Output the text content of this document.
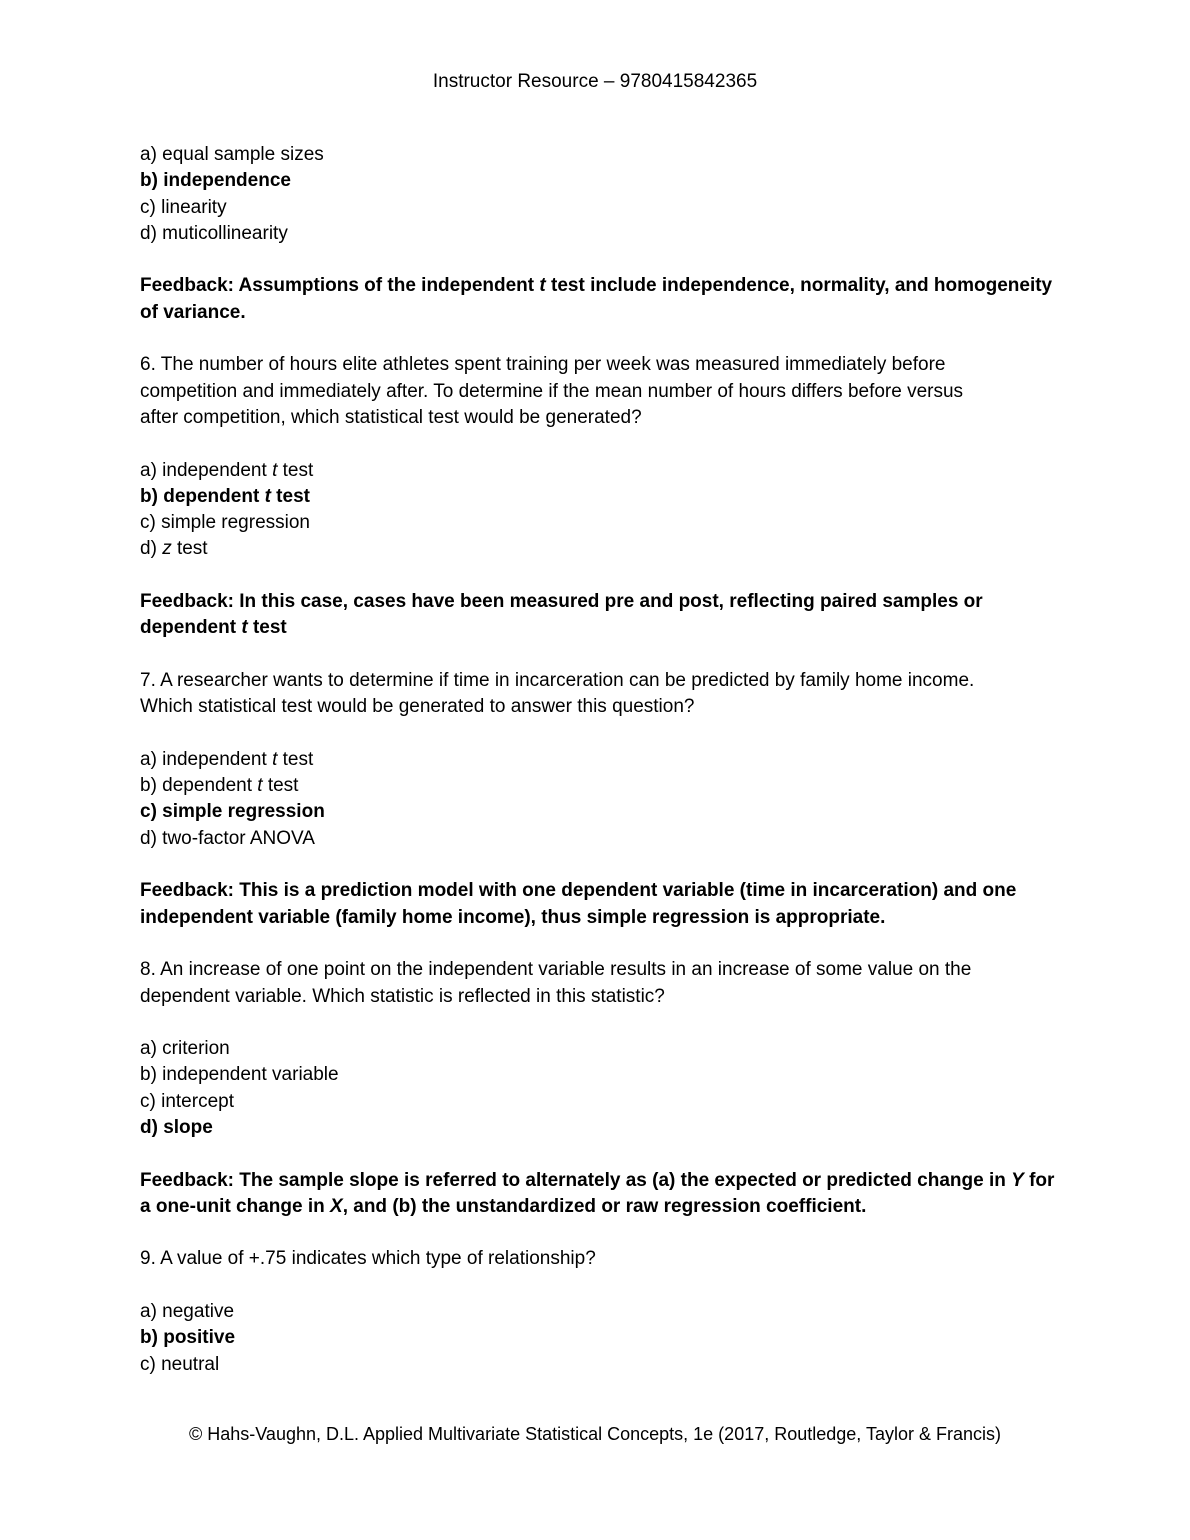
Instructor Resource – 9780415842365

a) equal sample sizes

b) independence

c) linearity

d) muticollinearity

Feedback: Assumptions of the independent t test include independence, normality, and homogeneity

of variance.

6. The number of hours elite athletes spent training per week was measured immediately before

competition and immediately after. To determine if the mean number of hours differs before versus

after competition, which statistical test would be generated?

a) independent t test

b) dependent t test

c) simple regression

d) z test

Feedback: In this case, cases have been measured pre and post, reflecting paired samples or

dependent t test

7. A researcher wants to determine if time in incarceration can be predicted by family home income.

Which statistical test would be generated to answer this question?

a) independent t test

b) dependent t test

c) simple regression

d) two-factor ANOVA

Feedback: This is a prediction model with one dependent variable (time in incarceration) and one

independent variable (family home income), thus simple regression is appropriate.

8. An increase of one point on the independent variable results in an increase of some value on the

dependent variable. Which statistic is reflected in this statistic?

a) criterion

b) independent variable

c) intercept

d) slope

Feedback: The sample slope is referred to alternately as (a) the expected or predicted change in Y for

a one-unit change in X, and (b) the unstandardized or raw regression coefficient.

9. A value of +.75 indicates which type of relationship?

a) negative

b) positive

c) neutral

© Hahs-Vaughn, D.L. Applied Multivariate Statistical Concepts, 1e (2017, Routledge, Taylor & Francis)
